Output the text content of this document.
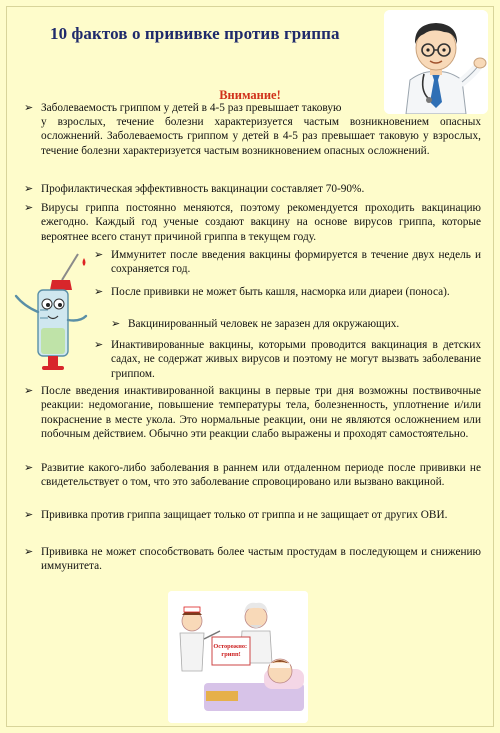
10 фактов о прививке против гриппа
Внимание!
➢ Заболеваемость гриппом у детей в 4-5 раз превышает таковую
у взрослых, течение болезни характеризуется частым возникновением опасных осложнений. Заболеваемость гриппом у детей в 4-5 раз превышает таковую у взрослых, течение болезни характеризуется частым возникновением опасных осложнений.
➢ Профилактическая эффективность вакцинации составляет 70-90%.
➢ Вирусы гриппа постоянно меняются, поэтому рекомендуется проходить вакцинацию ежегодно. Каждый год ученые создают вакцину на основе вирусов гриппа, которые вероятнее всего станут причиной гриппа в текущем году.
➢ Иммунитет после введения вакцины формируется в течение двух недель и сохраняется год.
➢ После прививки не может быть кашля, насморка или диареи (поноса).
➢ Вакцинированный человек не заразен для окружающих.
➢ Инактивированные вакцины, которыми проводится вакцинация в детских садах, не содержат живых вирусов и поэтому не могут вызвать заболевание гриппом.
➢ После введения инактивированной вакцины в первые три дня возможны поствивочные реакции: недомогание, повышение температуры тела, болезненность, уплотнение и/или покраснение в месте укола. Это нормальные реакции, они не являются осложнением или побочным действием. Обычно эти реакции слабо выражены и проходят самостоятельно.
➢ Развитие какого-либо заболевания в раннем или отдаленном периоде после прививки не свидетельствует о том, что это заболевание спровоцировано или вызвано вакциной.
➢ Прививка против гриппа защищает только от гриппа и не защищает от других ОВИ.
➢ Прививка не может способствовать более частым простудам в последующем и снижению иммунитета.
Осторожно: грипп!
